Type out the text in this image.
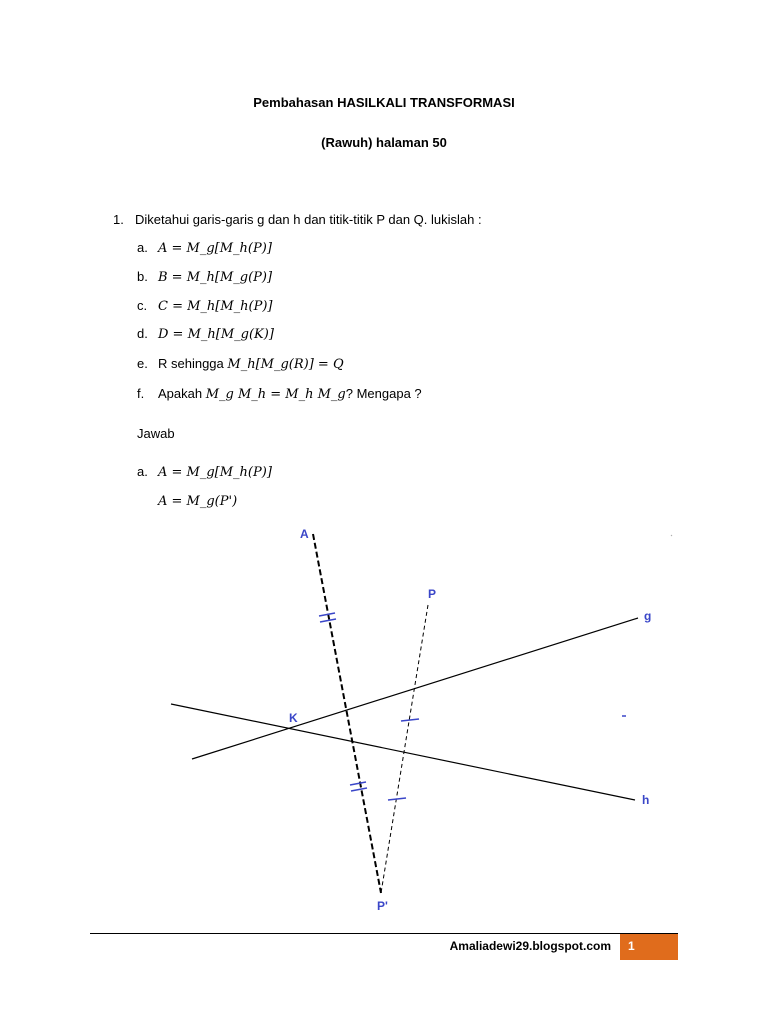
Pembahasan HASILKALI TRANSFORMASI
(Rawuh) halaman 50
1. Diketahui garis-garis g dan h dan titik-titik P dan Q. lukislah :
a. A = M_g[M_h(P)]
b. B = M_h[M_g(P)]
c. C = M_h[M_h(P)]
d. D = M_h[M_g(K)]
e. R sehingga M_h[M_g(R)] = Q
f. Apakah M_g M_h = M_h M_g? Mengapa ?
Jawab
a. A = M_g[M_h(P)]
A = M_g(P')
A
P
g
K
h
P'
Amaliadewi29.blogspot.com	1
